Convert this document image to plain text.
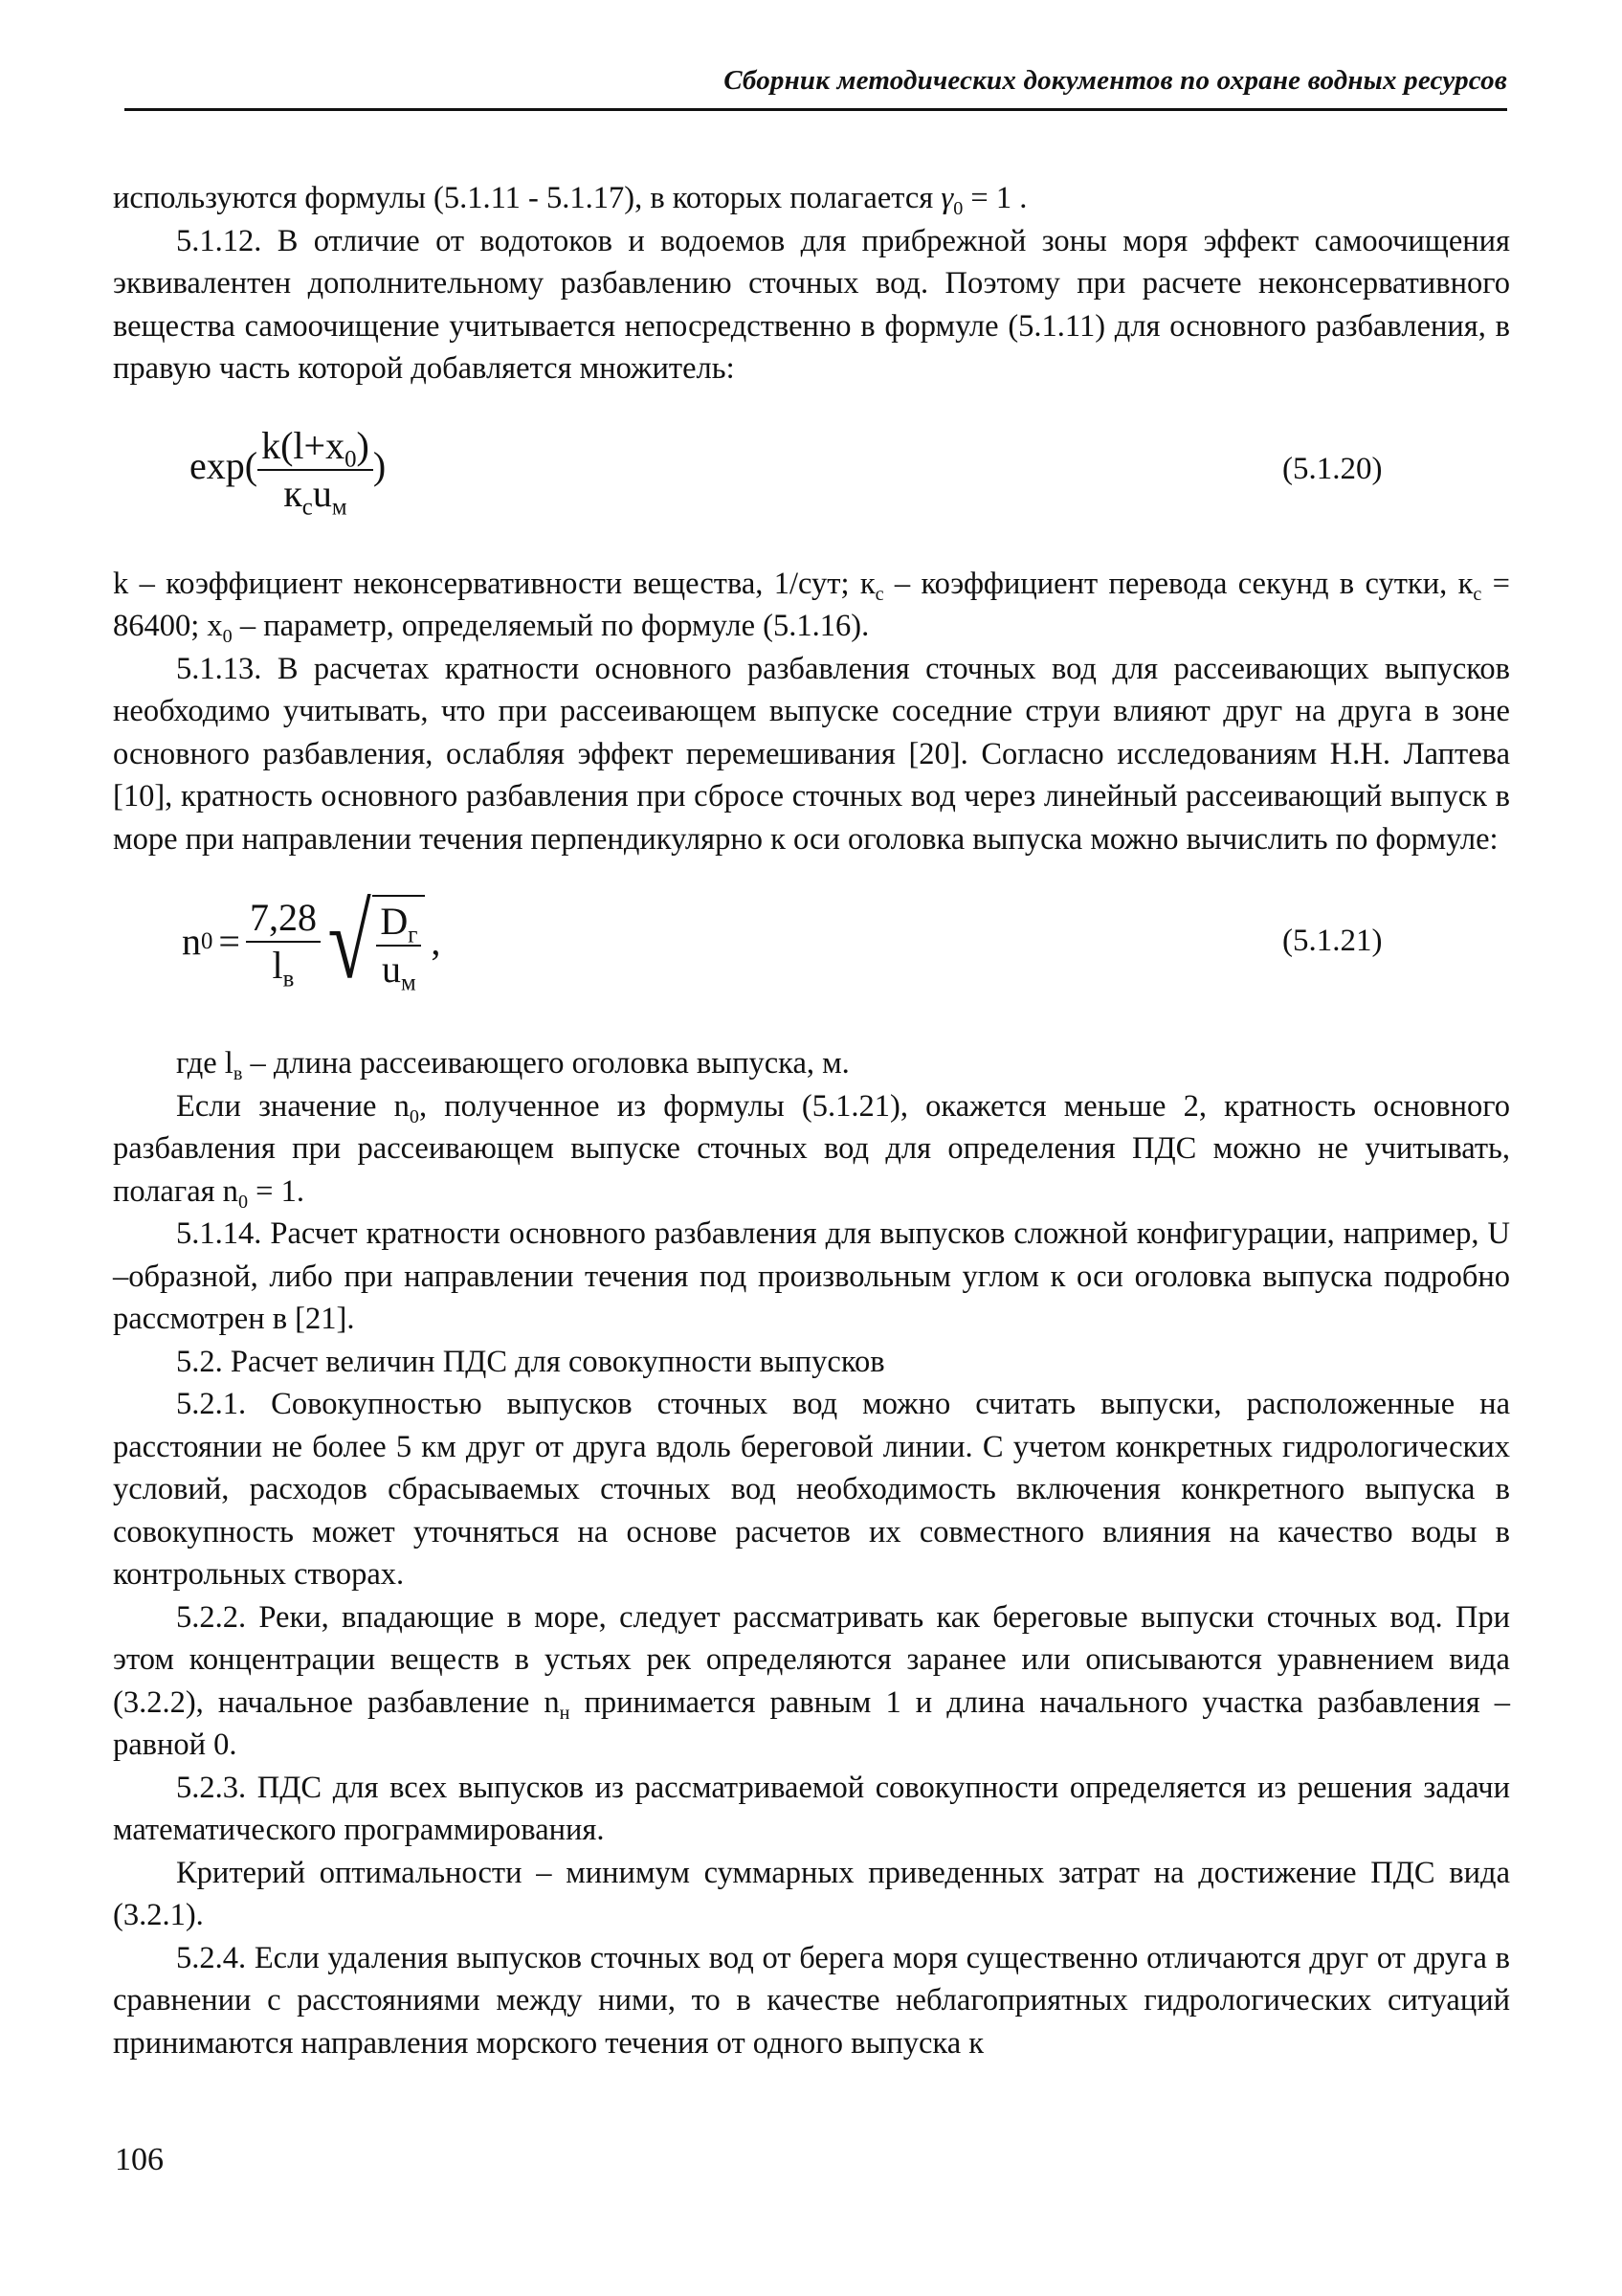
Сборник методических документов по охране водных ресурсов

используются формулы (5.1.11 - 5.1.17), в которых полагается $\gamma_0 = 1$ .

5.1.12. В отличие от водотоков и водоемов для прибрежной зоны моря эффект самоочищения эквивалентен дополнительному разбавлению сточных вод. Поэтому при расчете неконсервативного вещества самоочищение учитывается непосредственно в формуле (5.1.11) для основного разбавления, в правую часть которой добавляется множитель:

$\exp( \frac{k(l+x_0)}{к_сu_м}$ )	(5.1.20)

k – коэффициент неконсервативности вещества, 1/сут; $к_с$ – коэффициент перевода секунд в сутки, $к_с = 86400$; $x_0$ – параметр, определяемый по формуле (5.1.16).

5.1.13. В расчетах кратности основного разбавления сточных вод для рассеивающих выпусков необходимо учитывать, что при рассеивающем выпуске соседние струи влияют друг на друга в зоне основного разбавления, ослабляя эффект перемешивания [20]. Согласно исследованиям Н.Н. Лаптева [10], кратность основного разбавления при сбросе сточных вод через линейный рассеивающий выпуск в море при направлении течения перпендикулярно к оси оголовка выпуска можно вычислить по формуле:

n $0 = \frac{7,28}{l_в}$ √ $\frac{D_г}{u_м}$ ,	(5.1.21)

где $l_в$ – длина рассеивающего оголовка выпуска, м.

Если значение $n_0$, полученное из формулы (5.1.21), окажется меньше 2, кратность основного разбавления при рассеивающем выпуске сточных вод для определения ПДС можно не учитывать, полагая $n_0 = 1$.

5.1.14. Расчет кратности основного разбавления для выпусков сложной конфигурации, например, U –образной, либо при направлении течения под произвольным углом к оси оголовка выпуска подробно рассмотрен в [21].

5.2. Расчет величин ПДС для совокупности выпусков

5.2.1. Совокупностью выпусков сточных вод можно считать выпуски, расположенные на расстоянии не более 5 км друг от друга вдоль береговой линии. С учетом конкретных гидрологических условий, расходов сбрасываемых сточных вод необходимость включения конкретного выпуска в совокупность может уточняться на основе расчетов их совместного влияния на качество воды в контрольных створах.

5.2.2. Реки, впадающие в море, следует рассматривать как береговые выпуски сточных вод. При этом концентрации веществ в устьях рек определяются заранее или описываются уравнением вида (3.2.2), начальное разбавление $n_н$ принимается равным 1 и длина начального участка разбавления – равной 0.

5.2.3. ПДС для всех выпусков из рассматриваемой совокупности определяется из решения задачи математического программирования.

Критерий оптимальности – минимум суммарных приведенных затрат на достижение ПДС вида (3.2.1).

5.2.4. Если удаления выпусков сточных вод от берега моря существенно отличаются друг от друга в сравнении с расстояниями между ними, то в качестве неблагоприятных гидрологических ситуаций принимаются направления морского течения от одного выпуска к

106
